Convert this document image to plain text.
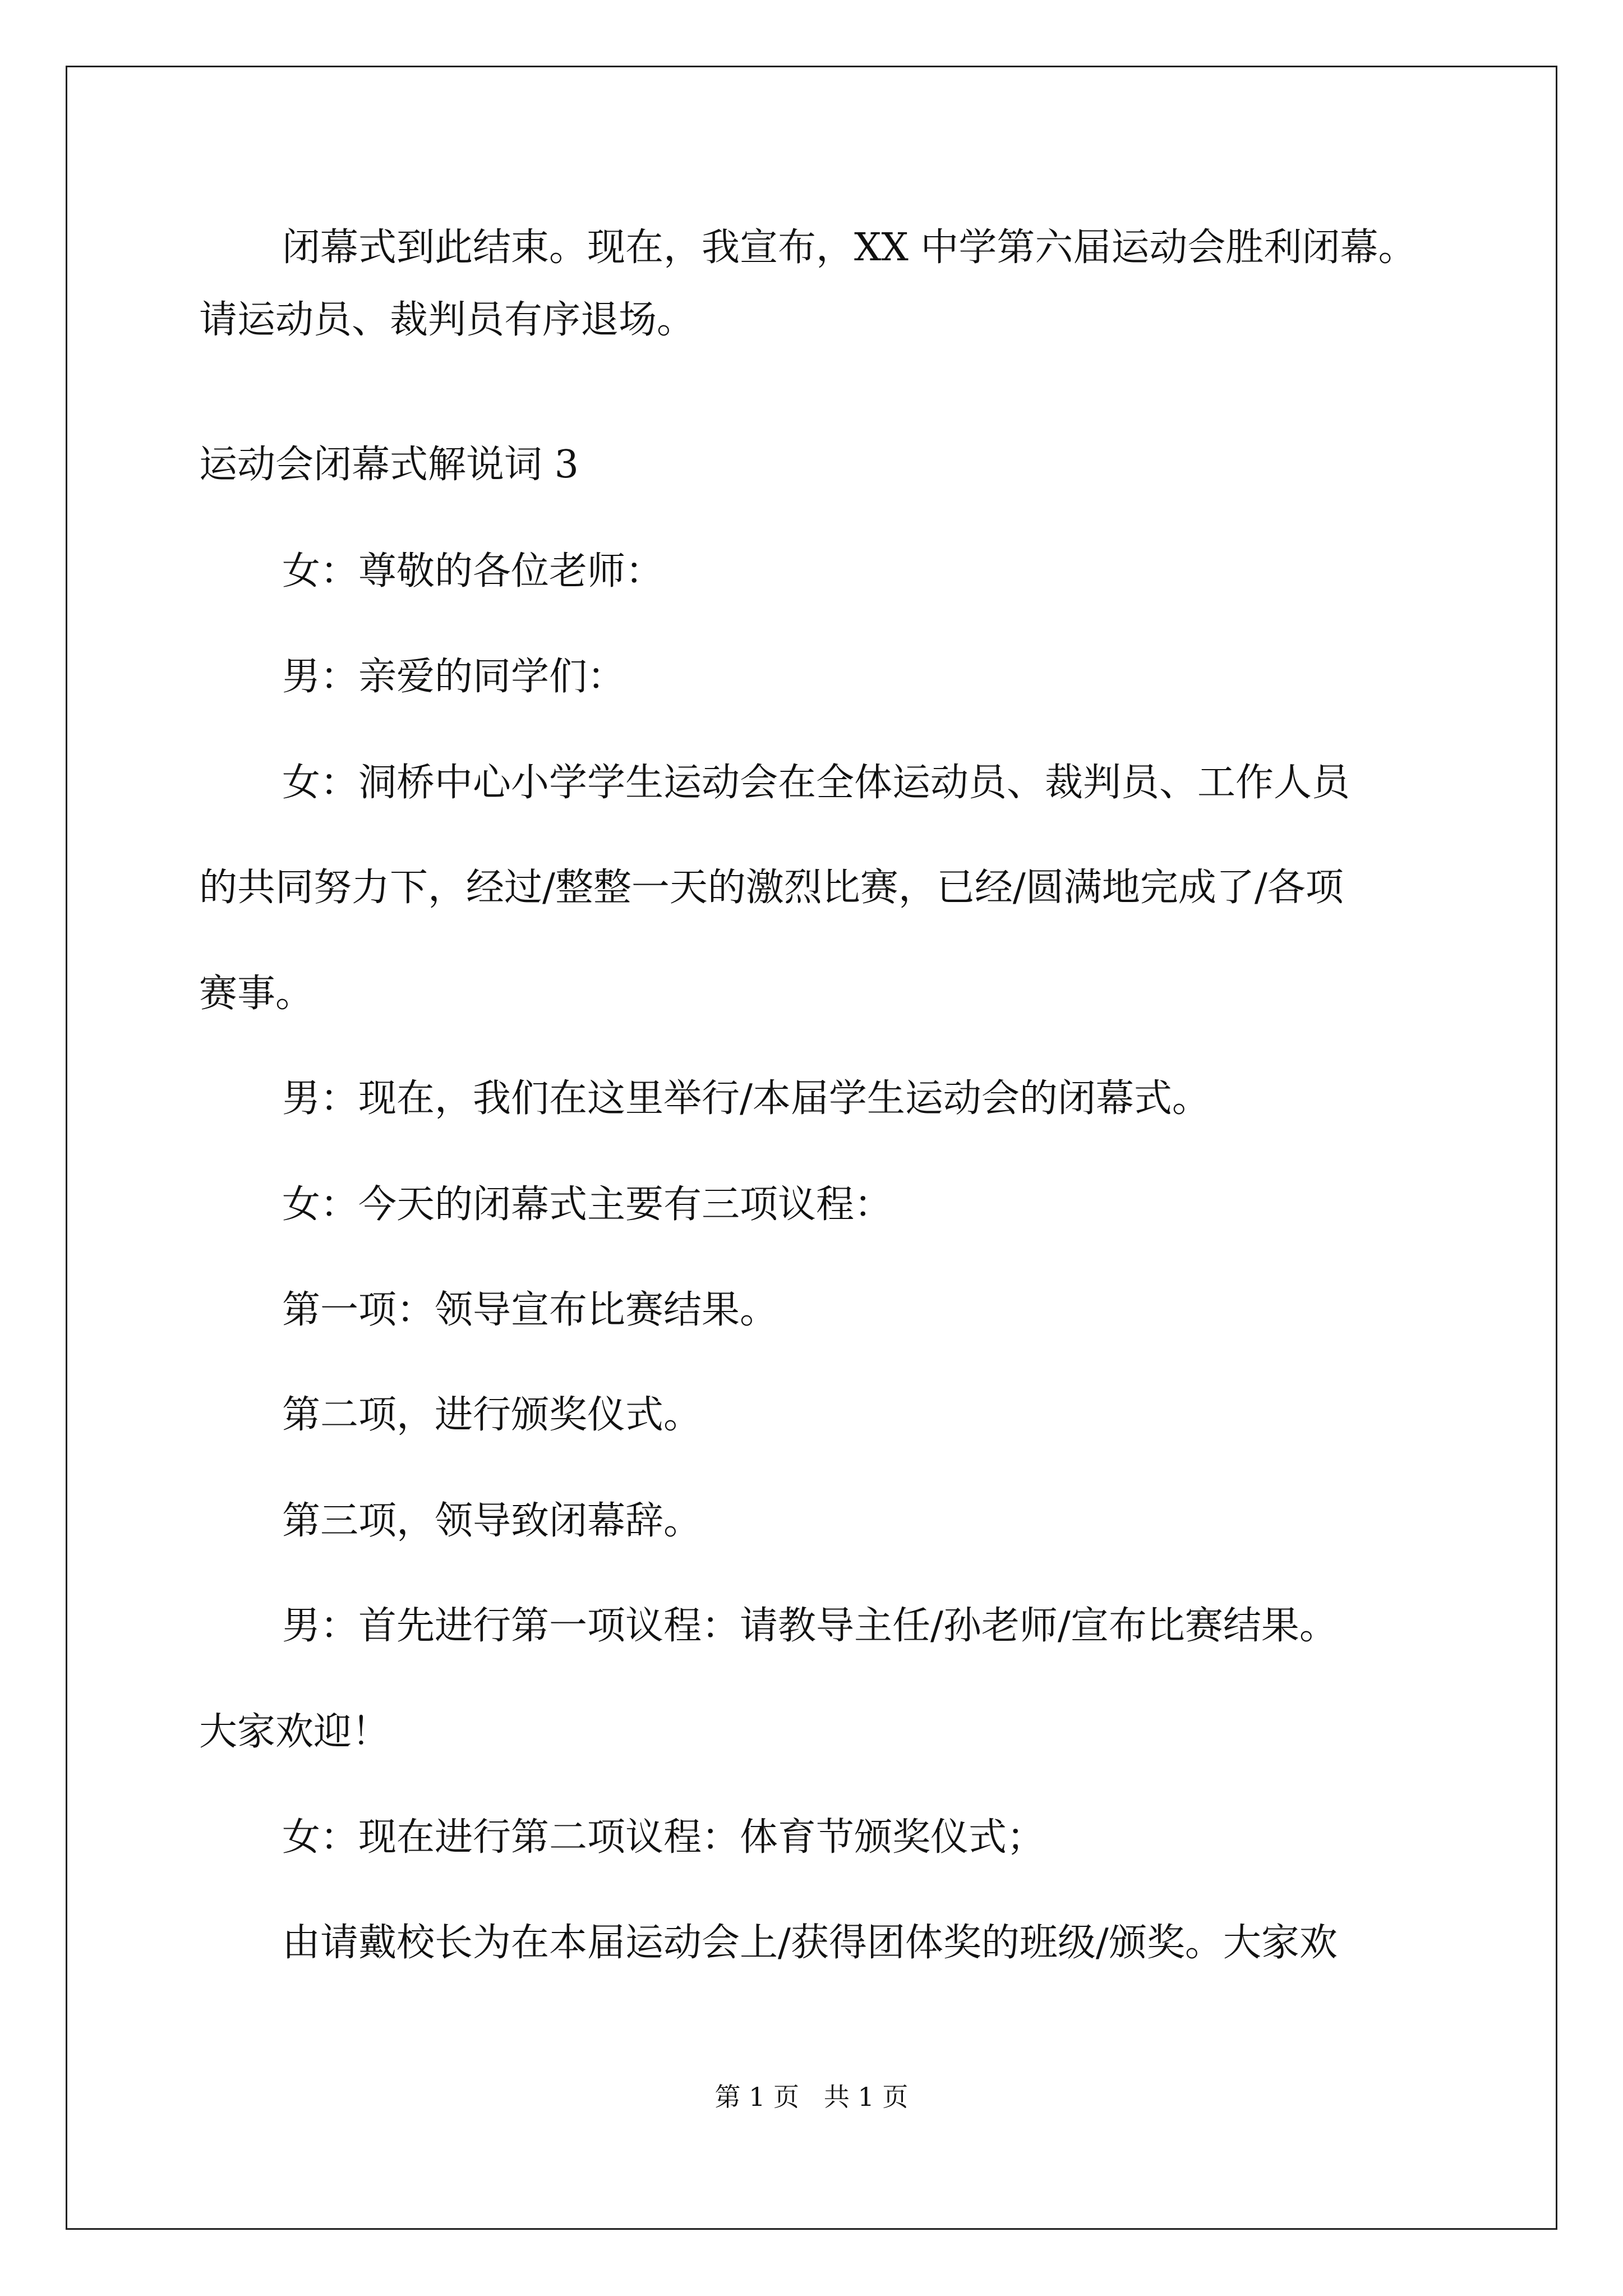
闭幕式到此结束。现在，我宣布，XX 中学第六届运动会胜利闭幕。
请运动员、裁判员有序退场。
运动会闭幕式解说词 3
女：尊敬的各位老师：
男：亲爱的同学们：
女：洞桥中心小学学生运动会在全体运动员、裁判员、工作人员
的共同努力下，经过/整整一天的激烈比赛，已经/圆满地完成了/各项
赛事。
男：现在，我们在这里举行/本届学生运动会的闭幕式。
女：今天的闭幕式主要有三项议程：
第一项：领导宣布比赛结果。
第二项，进行颁奖仪式。
第三项，领导致闭幕辞。
男：首先进行第一项议程：请教导主任/孙老师/宣布比赛结果。
大家欢迎！
女：现在进行第二项议程：体育节颁奖仪式；
由请戴校长为在本届运动会上/获得团体奖的班级/颁奖。大家欢
第 1 页   共 1 页
